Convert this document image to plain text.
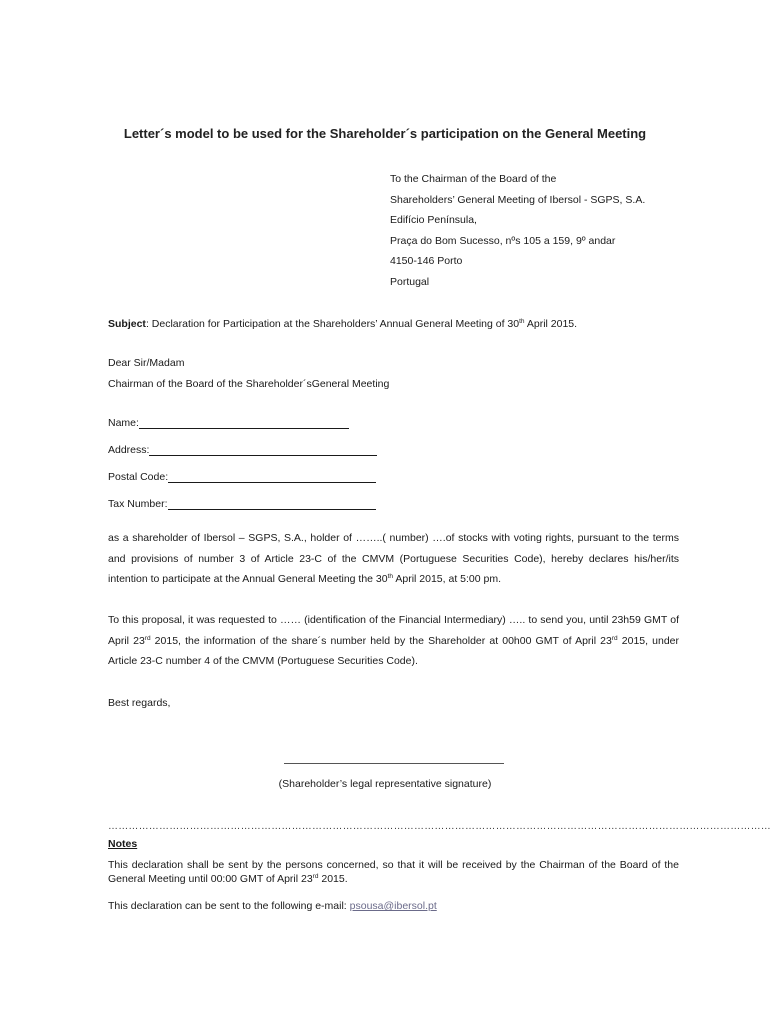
Letter´s model to be used for the Shareholder´s participation on the General Meeting
To the Chairman of the Board of the
Shareholders’ General Meeting of Ibersol - SGPS, S.A.
Edifício Península,
Praça do Bom Sucesso, nºs 105 a 159, 9º andar
4150-146 Porto
Portugal
Subject: Declaration for Participation at the Shareholders’ Annual General Meeting of 30th April 2015.
Dear Sir/Madam
Chairman of the Board of the Shareholder´sGeneral Meeting
Name:
Address:
Postal Code:
Tax Number:
as a shareholder of Ibersol – SGPS, S.A., holder of ……..( number) ….of stocks with voting rights, pursuant to the terms and provisions of number 3 of Article 23-C of the CMVM (Portuguese Securities Code), hereby declares his/her/its intention to participate at the Annual General Meeting the 30th April 2015, at 5:00 pm.
To this proposal, it was requested to …… (identification of the Financial Intermediary) ….. to send you, until 23h59 GMT of April 23rd 2015, the information of the share´s number held by the Shareholder at 00h00 GMT of April 23rd 2015, under Article 23-C number 4 of the CMVM (Portuguese Securities Code).
Best regards,
(Shareholder’s legal representative signature)
……………………………………………………………………………………………………………………………………………………………………………
Notes
This declaration shall be sent by the persons concerned, so that it will be received by the Chairman of the Board of the General Meeting until 00:00 GMT of April 23rd 2015.
This declaration can be sent to the following e-mail: psousa@ibersol.pt
